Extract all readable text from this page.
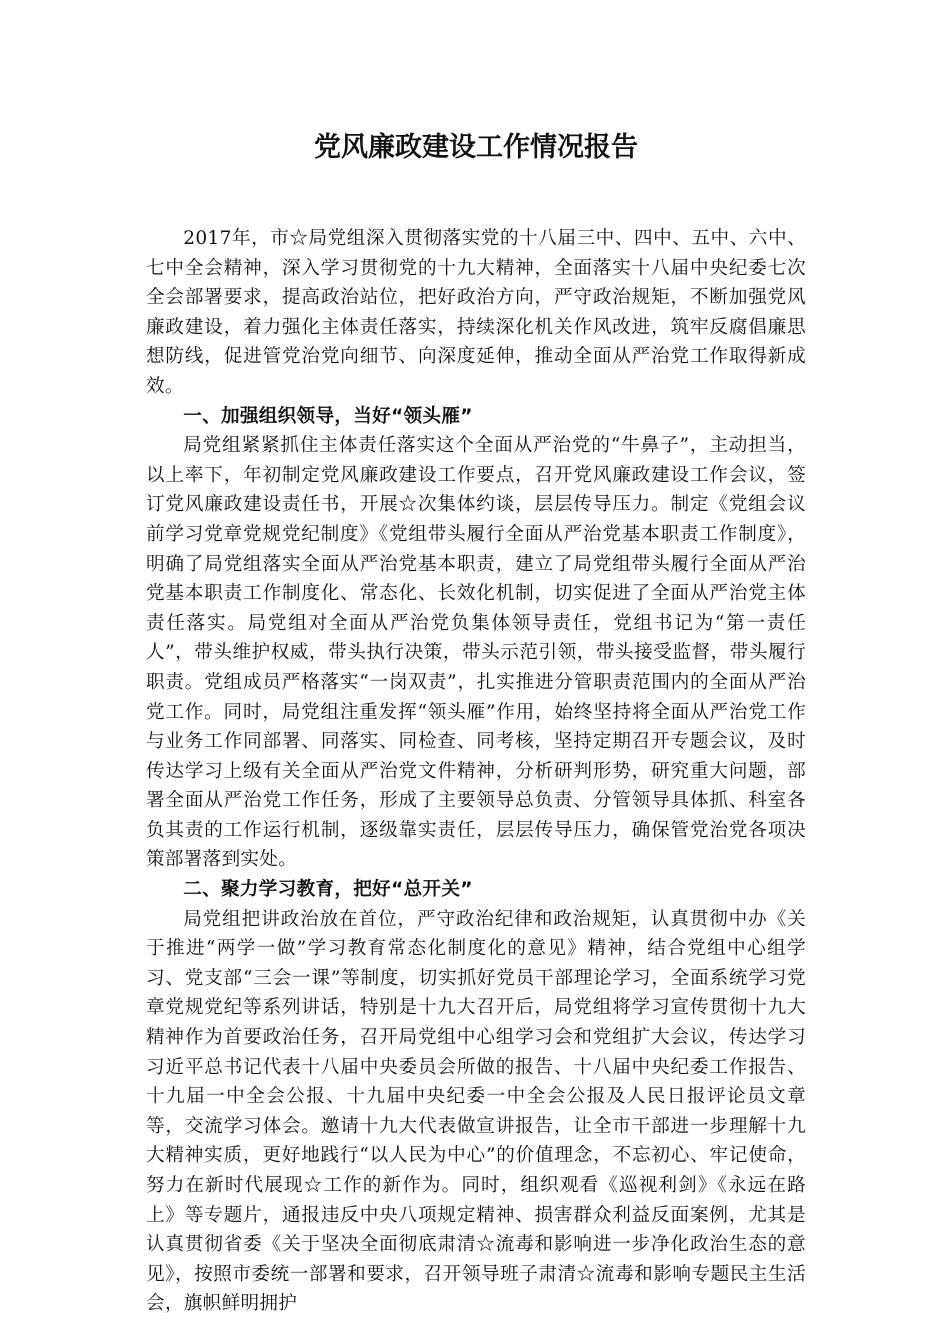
党风廉政建设工作情况报告

2017年，市☆局党组深入贯彻落实党的十八届三中、四中、五中、六中、七中全会精神，深入学习贯彻党的十九大精神，全面落实十八届中央纪委七次全会部署要求，提高政治站位，把好政治方向，严守政治规矩，不断加强党风廉政建设，着力强化主体责任落实，持续深化机关作风改进，筑牢反腐倡廉思想防线，促进管党治党向细节、向深度延伸，推动全面从严治党工作取得新成效。

一、加强组织领导，当好“领头雁”

局党组紧紧抓住主体责任落实这个全面从严治党的“牛鼻子”，主动担当，以上率下，年初制定党风廉政建设工作要点，召开党风廉政建设工作会议，签订党风廉政建设责任书，开展☆次集体约谈，层层传导压力。制定《党组会议前学习党章党规党纪制度》《党组带头履行全面从严治党基本职责工作制度》，明确了局党组落实全面从严治党基本职责，建立了局党组带头履行全面从严治党基本职责工作制度化、常态化、长效化机制，切实促进了全面从严治党主体责任落实。局党组对全面从严治党负集体领导责任，党组书记为“第一责任人”，带头维护权威，带头执行决策，带头示范引领，带头接受监督，带头履行职责。党组成员严格落实“一岗双责”，扎实推进分管职责范围内的全面从严治党工作。同时，局党组注重发挥“领头雁”作用，始终坚持将全面从严治党工作与业务工作同部署、同落实、同检查、同考核，坚持定期召开专题会议，及时传达学习上级有关全面从严治党文件精神，分析研判形势，研究重大问题，部署全面从严治党工作任务，形成了主要领导总负责、分管领导具体抓、科室各负其责的工作运行机制，逐级靠实责任，层层传导压力，确保管党治党各项决策部署落到实处。

二、聚力学习教育，把好“总开关”

局党组把讲政治放在首位，严守政治纪律和政治规矩，认真贯彻中办《关于推进“两学一做”学习教育常态化制度化的意见》精神，结合党组中心组学习、党支部“三会一课”等制度，切实抓好党员干部理论学习，全面系统学习党章党规党纪等系列讲话，特别是十九大召开后，局党组将学习宣传贯彻十九大精神作为首要政治任务，召开局党组中心组学习会和党组扩大会议，传达学习习近平总书记代表十八届中央委员会所做的报告、十八届中央纪委工作报告、十九届一中全会公报、十九届中央纪委一中全会公报及人民日报评论员文章等，交流学习体会。邀请十九大代表做宣讲报告，让全市干部进一步理解十九大精神实质，更好地践行“以人民为中心”的价值理念，不忘初心、牢记使命，努力在新时代展现☆工作的新作为。同时，组织观看《巡视利剑》《永远在路上》等专题片，通报违反中央八项规定精神、损害群众利益反面案例，尤其是认真贯彻省委《关于坚决全面彻底肃清☆流毒和影响进一步净化政治生态的意见》，按照市委统一部署和要求，召开领导班子肃清☆流毒和影响专题民主生活会，旗帜鲜明拥护
